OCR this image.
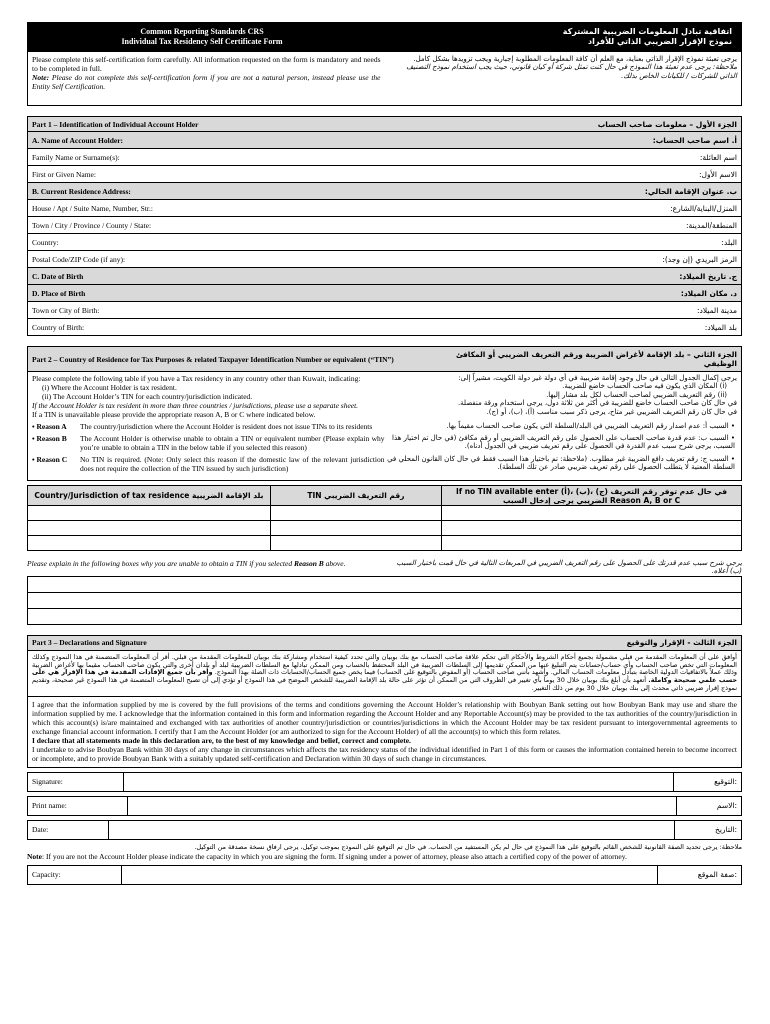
Common Reporting Standards CRS
Individual Tax Residency Self Certificate Form
اتفاقية تبادل المعلومات الضريبية المشتركة
نموذج الإقرار الضريبي الذاتي للأفراد
Please complete this self-certification form carefully. All information requested on the form is mandatory and needs to be completed in full.
Note: Please do not complete this self-certification form if you are not a natural person, instead please use the Entity Self Certification.
يرجى تعبئة نموذج الإقرار الذاتي بعناية، مع العلم أن كافة المعلومات المطلوبة إجبارية ويجب تزويدها بشكل كامل.
ملاحظة: يرجى عدم تعبئة هذا النموذج في حال كنت تمثل شركة أو كيان قانوني، حيث يجب استخدام نموذج التصنيف الذاتي للشركات / للكيانات الخاص بذلك.
Part 1 – Identification of Individual Account Holder	الجزء الأول – معلومات صاحب الحساب
A. Name of Account Holder:	أ. اسم صاحب الحساب:
Family Name or Surname(s):	اسم العائلة:
First or Given Name:	الاسم الأول:
B. Current Residence Address:	ب. عنوان الإقامة الحالي:
House / Apt / Suite Name, Number, Str.:	المنزل/البناية/الشارع:
Town / City / Province / County / State:	المنطقة/المدينة:
Country:	البلد:
Postal Code/ZIP Code (if any):	الرمز البريدي (إن وجد):
C. Date of Birth	ج. تاريخ الميلاد:
D. Place of Birth	د. مكان الميلاد:
Town or City of Birth:	مدينة الميلاد:
Country of Birth:	بلد الميلاد:
Part 2 – Country of Residence for Tax Purposes & related Taxpayer Identification Number or equivalent (“TIN”)	الجزء الثاني – بلد الإقامة لأغراض الضريبة ورقم التعريف الضريبي أو المكافئ الوظيفي
Please complete the following table if you have a Tax residency in any country other than Kuwait, indicating:
(i) Where the Account Holder is tax resident.
(ii) The Account Holder’s TIN for each country/jurisdiction indicated.
If the Account Holder is tax resident in more than three countries / jurisdictions, please use a separate sheet.
If a TIN is unavailable please provide the appropriate reason A, B or C where indicated below.
يرجى إكمال الجدول التالي في حال وجود إقامة ضريبية في أي دولة غير دولة الكويت، مشيراً إلى:
(i) المكان الذي يكون فيه صاحب الحساب خاضع للضريبة.
(ii) رقم التعريف الضريبي لصاحب الحساب لكل بلد مشار إليها.
في حال كان صاحب الحساب خاضع للضريبة في أكثر من ثلاثة دول، يرجى استخدام ورقة منفصلة.
في حال كان رقم التعريف الضريبي غير متاح، يرجى ذكر سبب مناسب (أ)، (ب)، أو (ج).
• Reason A	The country/jurisdiction where the Account Holder is resident does not issue TINs to its residents	• السبب أ: عدم اصدار رقم التعريف الضريبي في البلد/السلطة التي يكون صاحب الحساب مقيماً بها.
• Reason B	The Account Holder is otherwise unable to obtain a TIN or equivalent number (Please explain why you’re unable to obtain a TIN in the below table if you selected this reason)
• السبب ب: عدم قدرة صاحب الحساب على الحصول على رقم التعريف الضريبي أو رقم مكافئ (في حال تم اختيار هذا السبب، يرجى شرح سبب عدم القدرة في الحصول على رقم تعريف ضريبي في الجدول أدناه).
• Reason C	No TIN is required. (Note: Only select this reason if the domestic law of the relevant jurisdiction does not require the collection of the TIN issued by such jurisdiction)
• السبب ج: رقم تعريف دافع الضريبة غير مطلوب. (ملاحظة: تم باختيار هذا السبب فقط في حال كان القانون المحلي في السلطة المعنية لا يتطلب الحصول على رقم تعريف ضريبي صادر عن تلك السلطة).
Country/Jurisdiction of tax residence بلد الإقامة الضريبية	TIN رقم التعريف الضريبي	If no TIN available enter (أ)، (ب)، (ج) في حال عدم توفر رقم التعريف الضريبي يرجى إدخال السبب Reason A, B or C

Please explain in the following boxes why you are unable to obtain a TIN if you selected Reason B above.	يرجى شرح سبب عدم قدرتك على الحصول على رقم التعريف الضريبي في المربعات التالية في حال قمت باختيار السبب (ب) أعلاه.

Part 3 – Declarations and Signature	الجزء الثالث - الإقرار والتوقيع
أوافق على أن المعلومات المقدمة من قبلي مشمولة بجميع أحكام الشروط والأحكام التي تحكم علاقة صاحب الحساب مع بنك بوبيان والتي تحدد كيفية استخدام ومشاركة بنك بوبيان للمعلومات المقدمة من قبلي. أقر أن المعلومات المتضمنة في هذا النموذج وكذلك المعلومات التي تخص صاحب الحساب وأي حساب/حسابات يتم التبليغ عنها من الممكن تقديمها إلى السلطات الضريبية في البلد المحتفظ بالحساب ومن الممكن تبادلها مع السلطات الضريبية لبلد أو بلدان أخرى والتي يكون صاحب الحساب مقيما بها لأغراض الضريبة وذلك عملاً بالاتفاقيات الدولية الخاصة بتبادل معلومات الحساب المالي. وأشهد بأنني صاحب الحساب (أو المفوض بالتوقيع على الحساب) فيما يخص جميع الحساب/الحسابات ذات الصلة بهذا النموذج. وأقر بأن جميع الإفادات المقدمة في هذا الإقرار هي على حسب علمي صحيحة وكاملة. أتعهد بأن أبلغ بنك بوبيان خلال 30 يوماً بأي تغيير في الظروف التي من الممكن أن تؤثر على حالة بلد الإقامة الضريبية للشخص الموضح في هذا النموذج أو تؤدي إلى أن تصبح المعلومات المتضمنة في هذا النموذج غير صحيحة، وتقديم نموذج إقرار ضريبي ذاتي محدث إلى بنك بوبيان خلال 30 يوم من ذلك التغيير.
I agree that the information supplied by me is covered by the full provisions of the terms and conditions governing the Account Holder’s relationship with Boubyan Bank setting out how Boubyan Bank may use and share the information supplied by me. I acknowledge that the information contained in this form and information regarding the Account Holder and any Reportable Account(s) may be provided to the tax authorities of the country/jurisdiction in which this account(s) is/are maintained and exchanged with tax authorities of another country/jurisdiction or countries/jurisdictions in which the Account Holder may be tax resident pursuant to intergovernmental agreements to exchange financial account information. I certify that I am the Account Holder (or am authorized to sign for the Account Holder) of all the account(s) to which this form relates.
I declare that all statements made in this declaration are, to the best of my knowledge and belief, correct and complete.
I undertake to advise Boubyan Bank within 30 days of any change in circumstances which affects the tax residency status of the individual identified in Part 1 of this form or causes the information contained herein to become incorrect or incomplete, and to provide Boubyan Bank with a suitably updated self-certification and Declaration within 30 days of such change in circumstances.
Signature:	التوقيع:
Print name:	الاسم:
Date:	التاريخ:
ملاحظة: يرجى تحديد الصفة القانونية للشخص القائم بالتوقيع على هذا النموذج في حال لم يكن المستفيد من الحساب. في حال تم التوقيع على النموذج بموجب توكيل، يرجى ارفاق نسخة مصدقة من التوكيل.
Note: If you are not the Account Holder please indicate the capacity in which you are signing the form. If signing under a power of attorney, please also attach a certified copy of the power of attorney.
Capacity:	صفة الموقع:
